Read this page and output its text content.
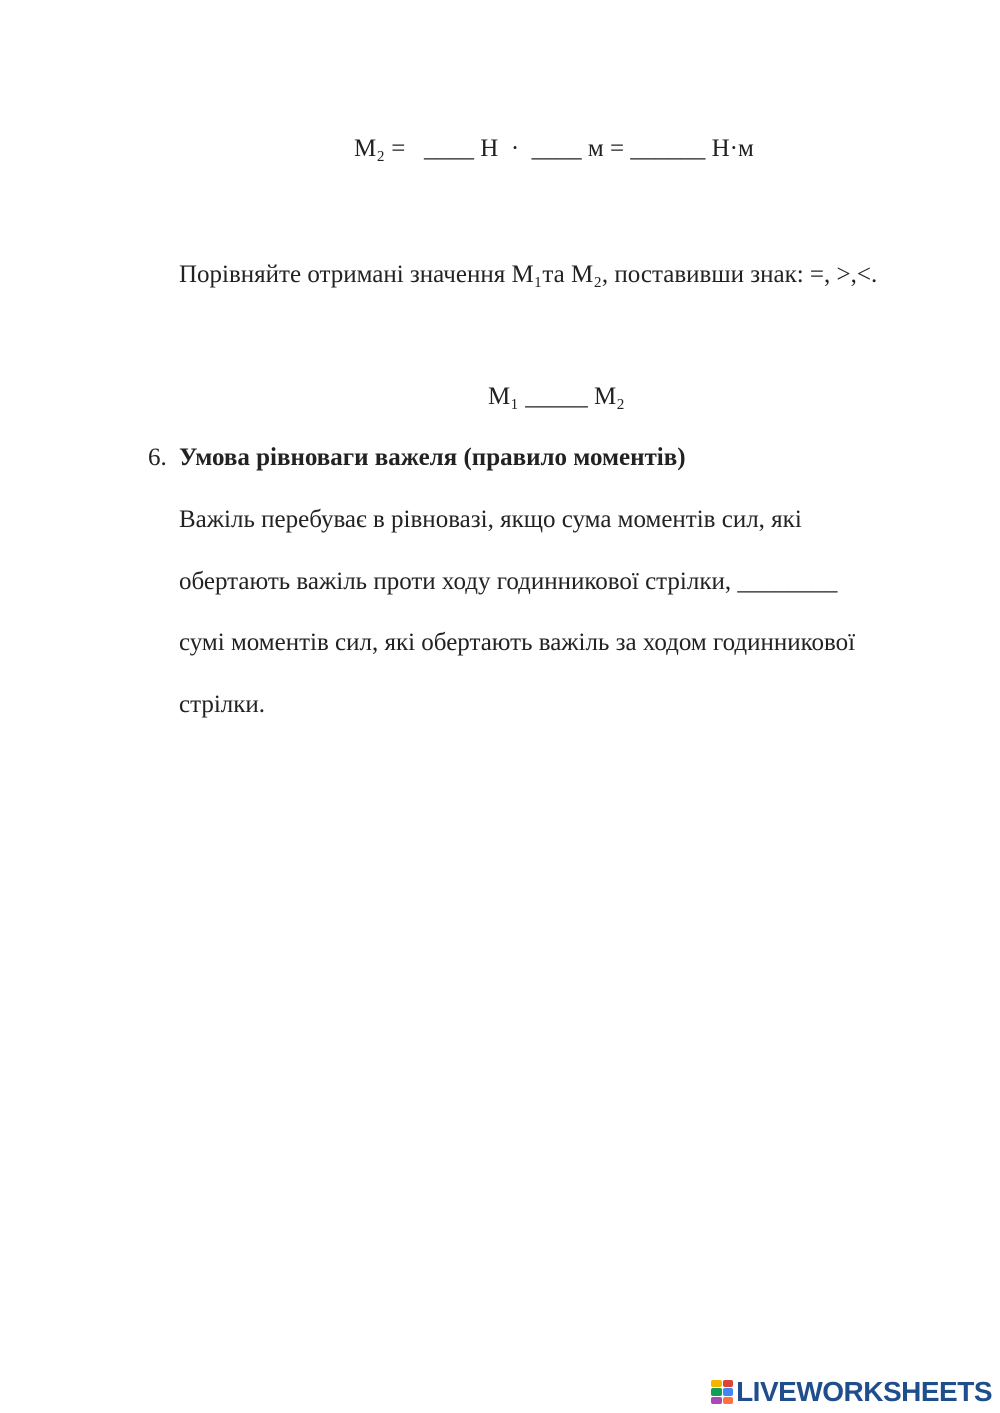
M₂ =   ____ Н  ·  ____ м = ______ Н·м
Порівняйте отримані значення M₁та M₂, поставивши знак: =, >,<.
M₁ _____ M₂
6. Умова рівноваги важеля (правило моментів)
Важіль перебуває в рівновазі, якщо сума моментів сил, які
обертають важіль проти ходу годинникової стрілки, ________
сумі моментів сил, які обертають важіль за ходом годинникової
стрілки.
LIVEWORKSHEETS
